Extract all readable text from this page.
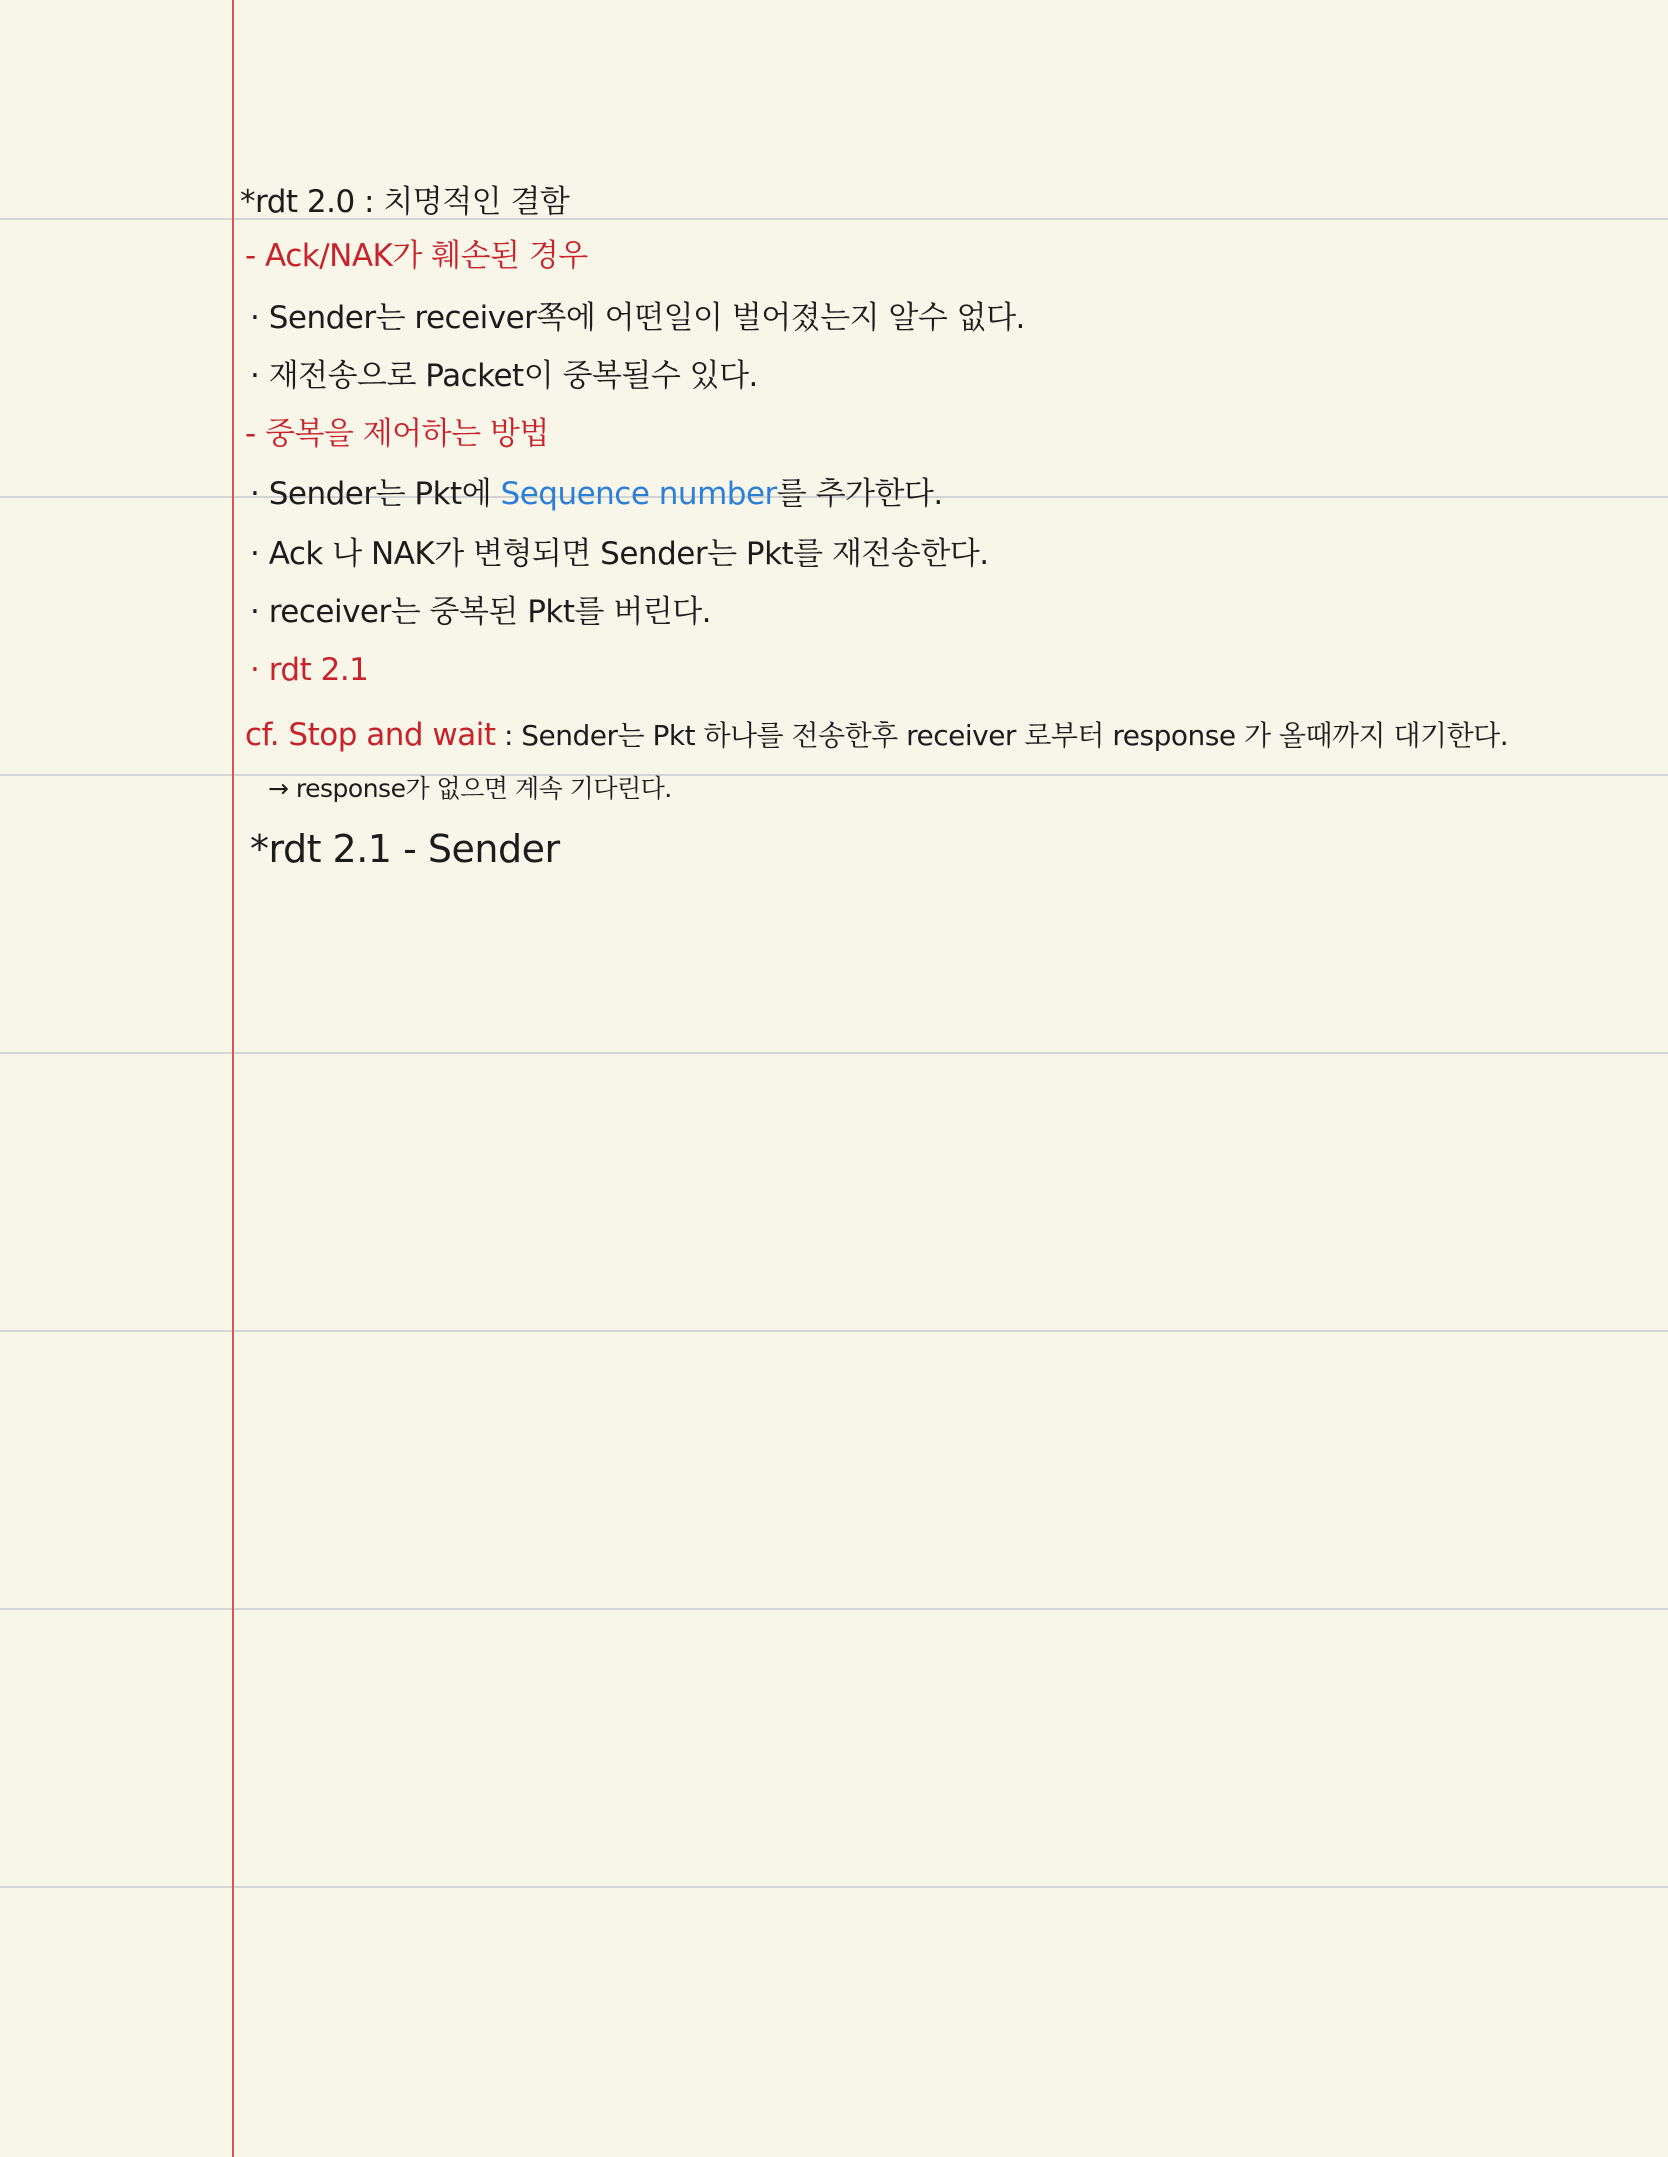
*rdt 2.0 : 치명적인 결함
- Ack/NAK가 훼손된 경우
· Sender는 receiver쪽에 어떤일이 벌어졌는지 알수 없다.
· 재전송으로 Packet이 중복될수 있다.
- 중복을 제어하는 방법
· Sender는 Pkt에 Sequence number를 추가한다.
· Ack 나 NAK가 변형되면 Sender는 Pkt를 재전송한다.
· receiver는 중복된 Pkt를 버린다.
· rdt 2.1
cf. Stop and wait : Sender는 Pkt 하나를 전송한후 receiver 로부터 response 가 올때까지 대기한다.
→ response가 없으면 계속 기다린다.
*rdt 2.1 - Sender
